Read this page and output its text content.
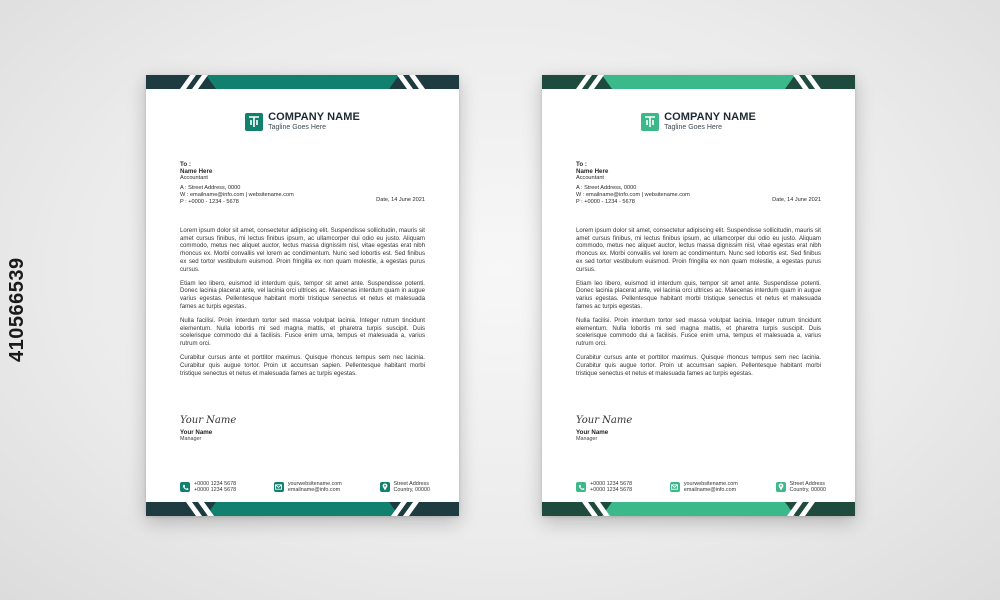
COMPANY NAME
Tagline Goes Here
To :
Name Here
Accountant
A : Street Address, 0000
W : emailname@info.com | websitename.com
P : +0000 - 1234 - 5678	Date, 14 June 2021

Lorem ipsum dolor sit amet, consectetur adipiscing elit. Suspendisse sollicitudin, mauris sit amet cursus finibus, mi lectus finibus ipsum, ac ullamcorper dui odio eu justo. Aliquam commodo, metus nec aliquet auctor, lectus massa dignissim nisl, vitae egestas erat nibh rhoncus ex. Morbi convallis vel lorem ac condimentum. Nunc sed lobortis est. Sed finibus ex sed tortor vestibulum euismod. Proin fringilla ex non quam molestie, a egestas purus cursus.

Etiam leo libero, euismod id interdum quis, tempor sit amet ante. Suspendisse potenti. Donec lacinia placerat ante, vel lacinia orci ultrices ac. Maecenas interdum quam in augue varius egestas. Pellentesque habitant morbi tristique senectus et netus et malesuada fames ac turpis egestas.

Nulla facilisi. Proin interdum tortor sed massa volutpat lacinia. Integer rutrum tincidunt elementum. Nulla lobortis mi sed magna mattis, et pharetra turpis suscipit. Duis scelerisque commodo dui a facilisis. Fusce enim urna, tempus et malesuada a, varius rutrum orci.

Curabitur cursus ante et porttitor maximus. Quisque rhoncus tempus sem nec lacinia. Curabitur quis augue tortor. Proin ut accumsan sapien. Pellentesque habitant morbi tristique senectus et netus et malesuada fames ac turpis egestas.

Your Name
Your Name
Manager
+0000 1234 5678
+0000 1234 5678
yourwebsitename.com
emailname@info.com
Street Address
Country, 00000
COMPANY NAME
Tagline Goes Here
To :
Name Here
Accountant
A : Street Address, 0000
W : emailname@info.com | websitename.com
P : +0000 - 1234 - 5678	Date, 14 June 2021

Lorem ipsum dolor sit amet, consectetur adipiscing elit. Suspendisse sollicitudin, mauris sit amet cursus finibus, mi lectus finibus ipsum, ac ullamcorper dui odio eu justo. Aliquam commodo, metus nec aliquet auctor, lectus massa dignissim nisl, vitae egestas erat nibh rhoncus ex. Morbi convallis vel lorem ac condimentum. Nunc sed lobortis est. Sed finibus ex sed tortor vestibulum euismod. Proin fringilla ex non quam molestie, a egestas purus cursus.

Etiam leo libero, euismod id interdum quis, tempor sit amet ante. Suspendisse potenti. Donec lacinia placerat ante, vel lacinia orci ultrices ac. Maecenas interdum quam in augue varius egestas. Pellentesque habitant morbi tristique senectus et netus et malesuada fames ac turpis egestas.

Nulla facilisi. Proin interdum tortor sed massa volutpat lacinia. Integer rutrum tincidunt elementum. Nulla lobortis mi sed magna mattis, et pharetra turpis suscipit. Duis scelerisque commodo dui a facilisis. Fusce enim urna, tempus et malesuada a, varius rutrum orci.

Curabitur cursus ante et porttitor maximus. Quisque rhoncus tempus sem nec lacinia. Curabitur quis augue tortor. Proin ut accumsan sapien. Pellentesque habitant morbi tristique senectus et netus et malesuada fames ac turpis egestas.

Your Name
Your Name
Manager
+0000 1234 5678
+0000 1234 5678
yourwebsitename.com
emailname@info.com
Street Address
Country, 00000
410566539
